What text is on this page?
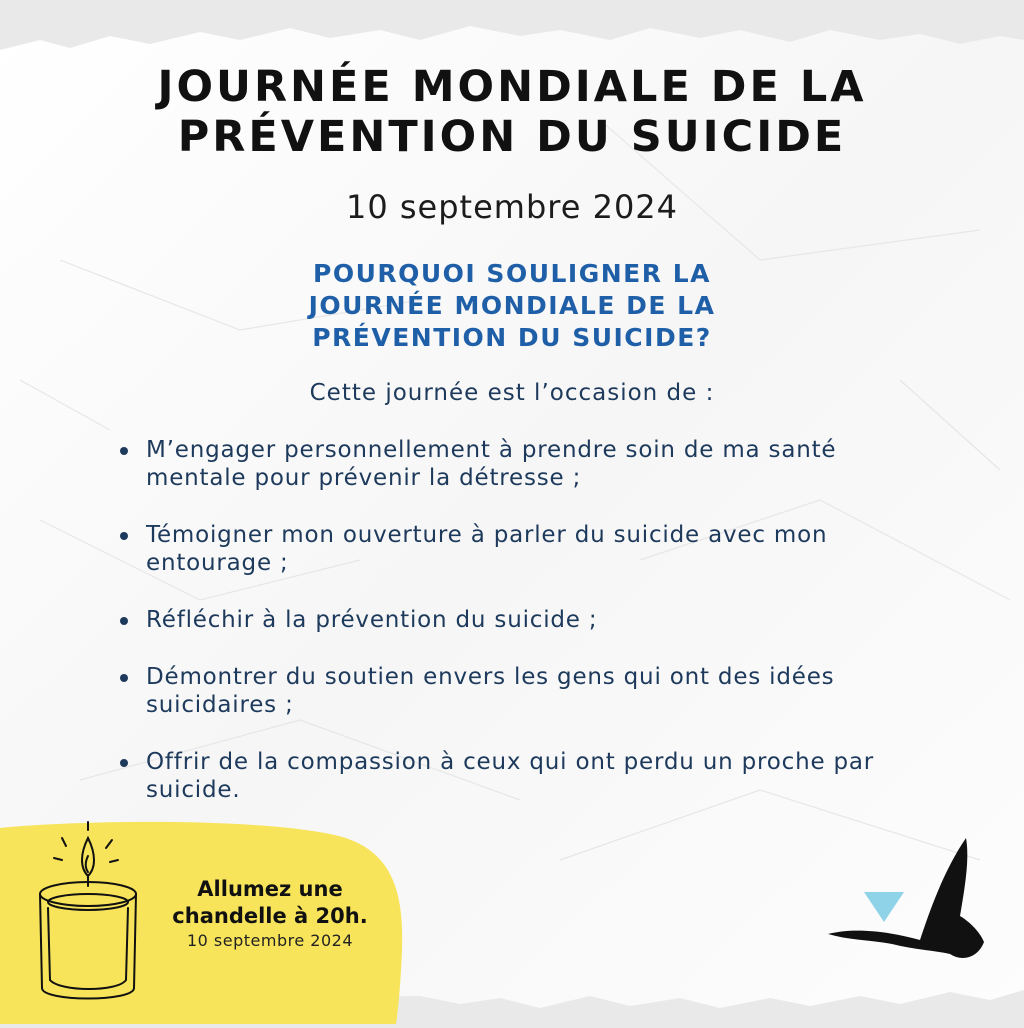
JOURNÉE MONDIALE DE LA
PRÉVENTION DU SUICIDE
10 septembre 2024
POURQUOI SOULIGNER LA
JOURNÉE MONDIALE DE LA
PRÉVENTION DU SUICIDE?
Cette journée est l’occasion de :
M’engager personnellement à prendre soin de ma santé mentale pour prévenir la détresse ;
Témoigner mon ouverture à parler du suicide avec mon entourage ;
Réfléchir à la prévention du suicide ;
Démontrer du soutien envers les gens qui ont des idées suicidaires ;
Offrir de la compassion à ceux qui ont perdu un proche par suicide.
Allumez une
chandelle à 20h.
10 septembre 2024
